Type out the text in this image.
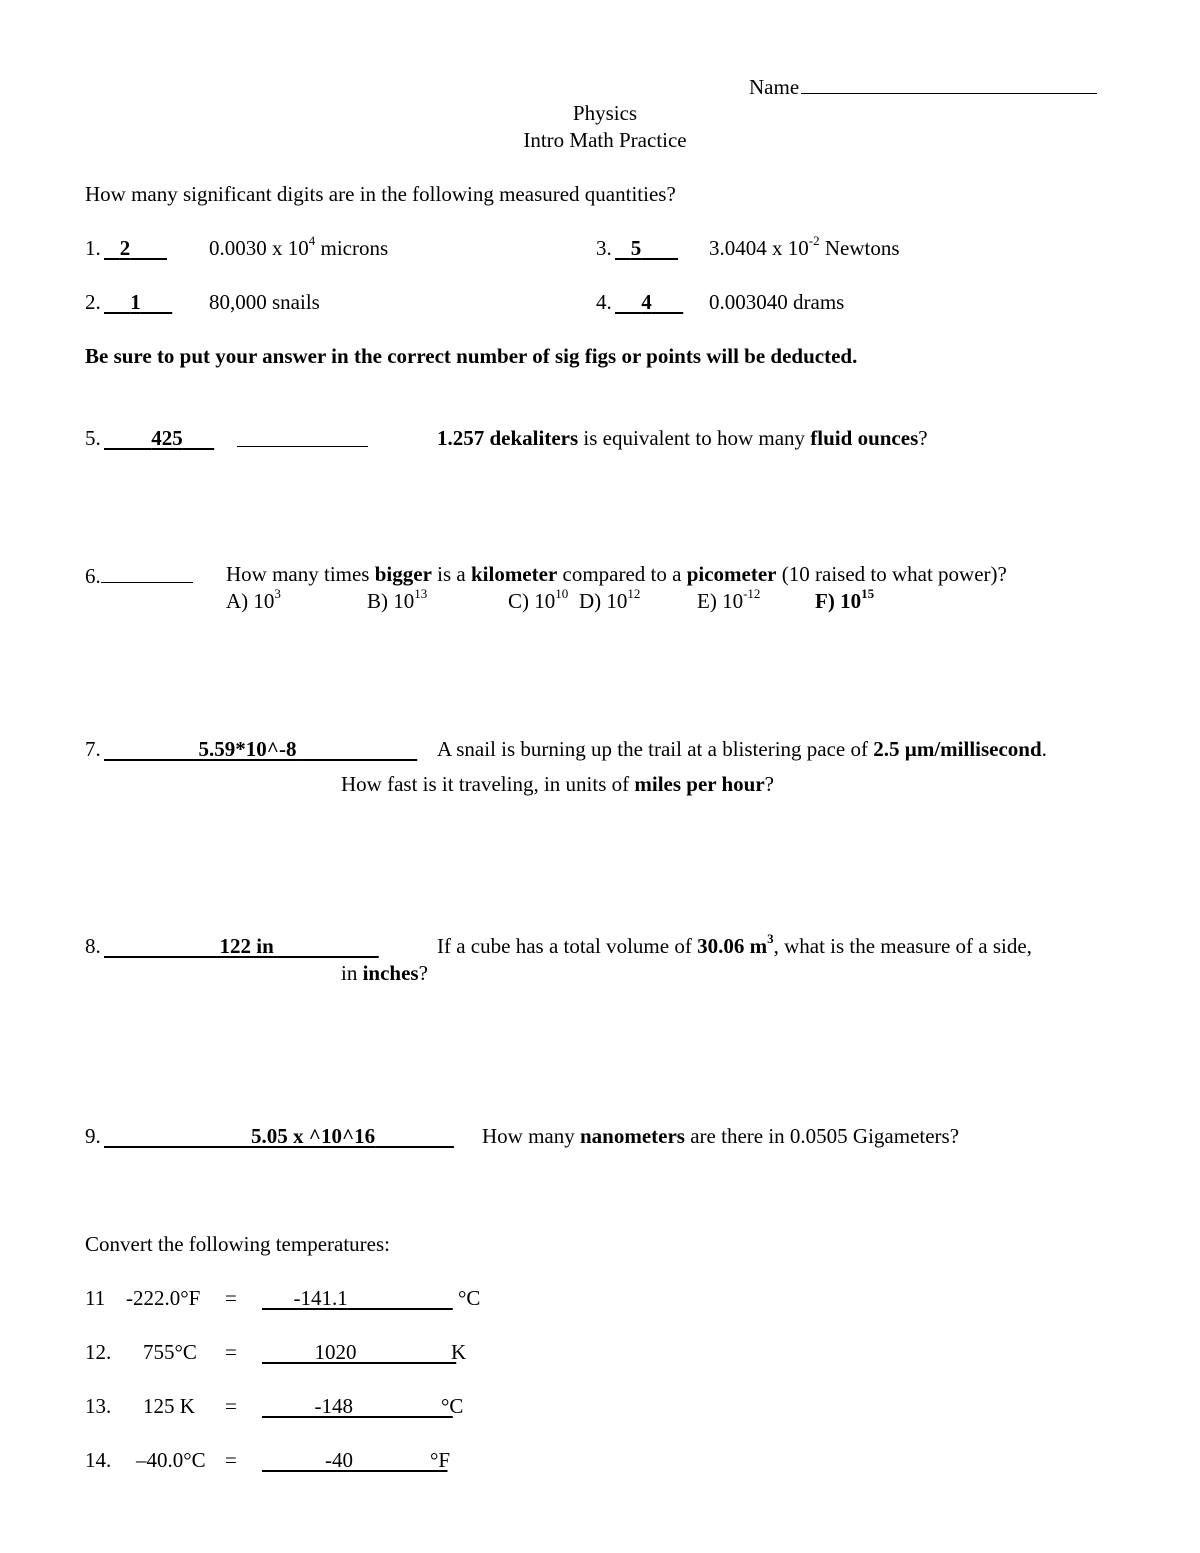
Name
Physics
Intro Math Practice
How many significant digits are in the following measured quantities?
1. 2	0.0030 x $10^4$ microns	3. 5	3.0404 x $10^{-2}$ Newtons
2.	1	80,000 snails	4.	4	0.003040 drams
Be sure to put your answer in the correct number of sig figs or points will be deducted.
5.	425	1.257 dekaliters is equivalent to how many fluid ounces?
6.	How many times bigger is a kilometer compared to a picometer (10 raised to what power)?
A) $10^3$	B) $10^{13}$	C) $10^{10}$ D) $10^{12}$	E) $10^{-12}$	F) $10^{15}$
7.	5.59*10^-8	A snail is burning up the trail at a blistering pace of 2.5 µm/millisecond.
How fast is it traveling, in units of miles per hour?
8.	122 in	If a cube has a total volume of 30.06 $m^3$, what is the measure of a side,
in inches?
9.	5.05 x ^10^16	How many nanometers are there in 0.0505 Gigameters?
Convert the following temperatures:
11 -222.0°F =	-141.1	°C
12. 755°C =	1020	K
13. 125 K =	-148	°C
14. –40.0°C =	-40	°F
